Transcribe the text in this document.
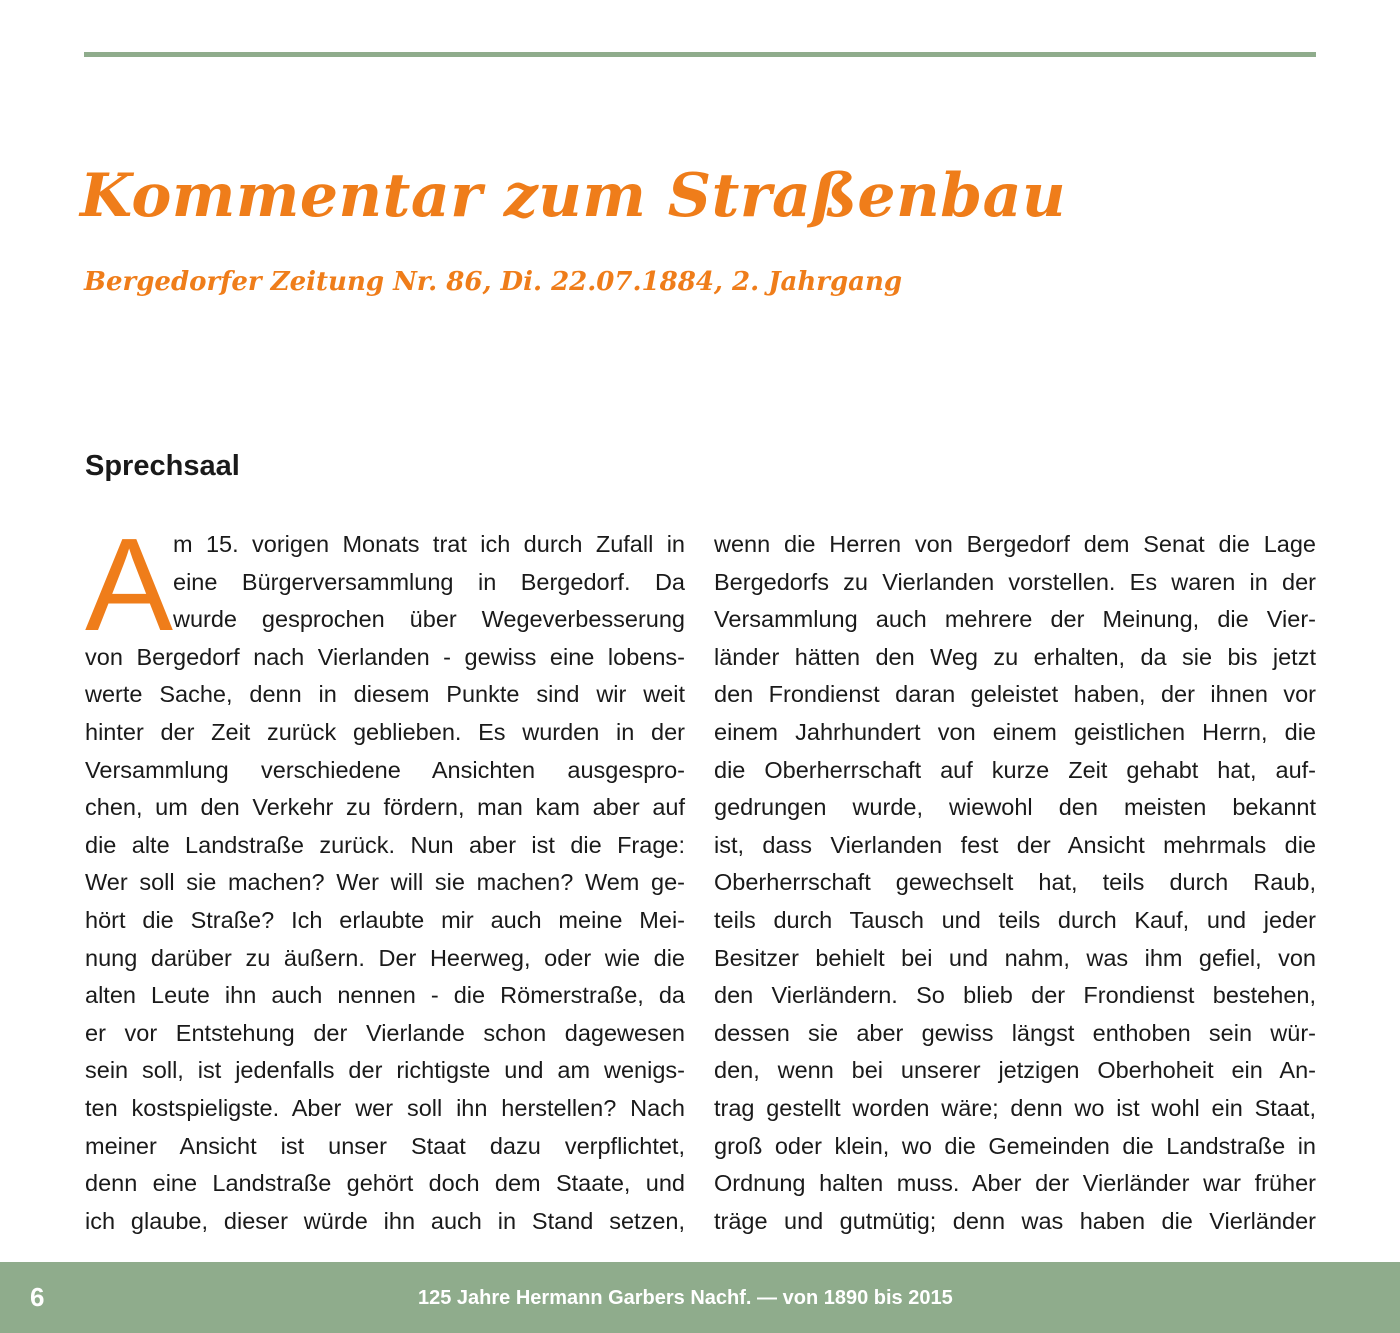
Kommentar zum Straßenbau
Bergedorfer Zeitung Nr. 86, Di. 22.07.1884, 2. Jahrgang
Sprechsaal
A m 15. vorigen Monats trat ich durch Zufall in
eine Bürgerversammlung in Bergedorf. Da
wurde gesprochen über Wegeverbesserung
von Bergedorf nach Vierlanden - gewiss eine lobens-
werte Sache, denn in diesem Punkte sind wir weit
hinter der Zeit zurück geblieben. Es wurden in der
Versammlung verschiedene Ansichten ausgespro-
chen, um den Verkehr zu fördern, man kam aber auf
die alte Landstraße zurück. Nun aber ist die Frage:
Wer soll sie machen? Wer will sie machen? Wem ge-
hört die Straße? Ich erlaubte mir auch meine Mei-
nung darüber zu äußern. Der Heerweg, oder wie die
alten Leute ihn auch nennen - die Römerstraße, da
er vor Entstehung der Vierlande schon dagewesen
sein soll, ist jedenfalls der richtigste und am wenigs-
ten kostspieligste. Aber wer soll ihn herstellen? Nach
meiner Ansicht ist unser Staat dazu verpflichtet,
denn eine Landstraße gehört doch dem Staate, und
ich glaube, dieser würde ihn auch in Stand setzen,
wenn die Herren von Bergedorf dem Senat die Lage
Bergedorfs zu Vierlanden vorstellen. Es waren in der
Versammlung auch mehrere der Meinung, die Vier-
länder hätten den Weg zu erhalten, da sie bis jetzt
den Frondienst daran geleistet haben, der ihnen vor
einem Jahrhundert von einem geistlichen Herrn, die
die Oberherrschaft auf kurze Zeit gehabt hat, auf-
gedrungen wurde, wiewohl den meisten bekannt
ist, dass Vierlanden fest der Ansicht mehrmals die
Oberherrschaft gewechselt hat, teils durch Raub,
teils durch Tausch und teils durch Kauf, und jeder
Besitzer behielt bei und nahm, was ihm gefiel, von
den Vierländern. So blieb der Frondienst bestehen,
dessen sie aber gewiss längst enthoben sein wür-
den, wenn bei unserer jetzigen Oberhoheit ein An-
trag gestellt worden wäre; denn wo ist wohl ein Staat,
groß oder klein, wo die Gemeinden die Landstraße in
Ordnung halten muss. Aber der Vierländer war früher
träge und gutmütig; denn was haben die Vierländer
6	125 Jahre Hermann Garbers Nachf. — von 1890 bis 2015
